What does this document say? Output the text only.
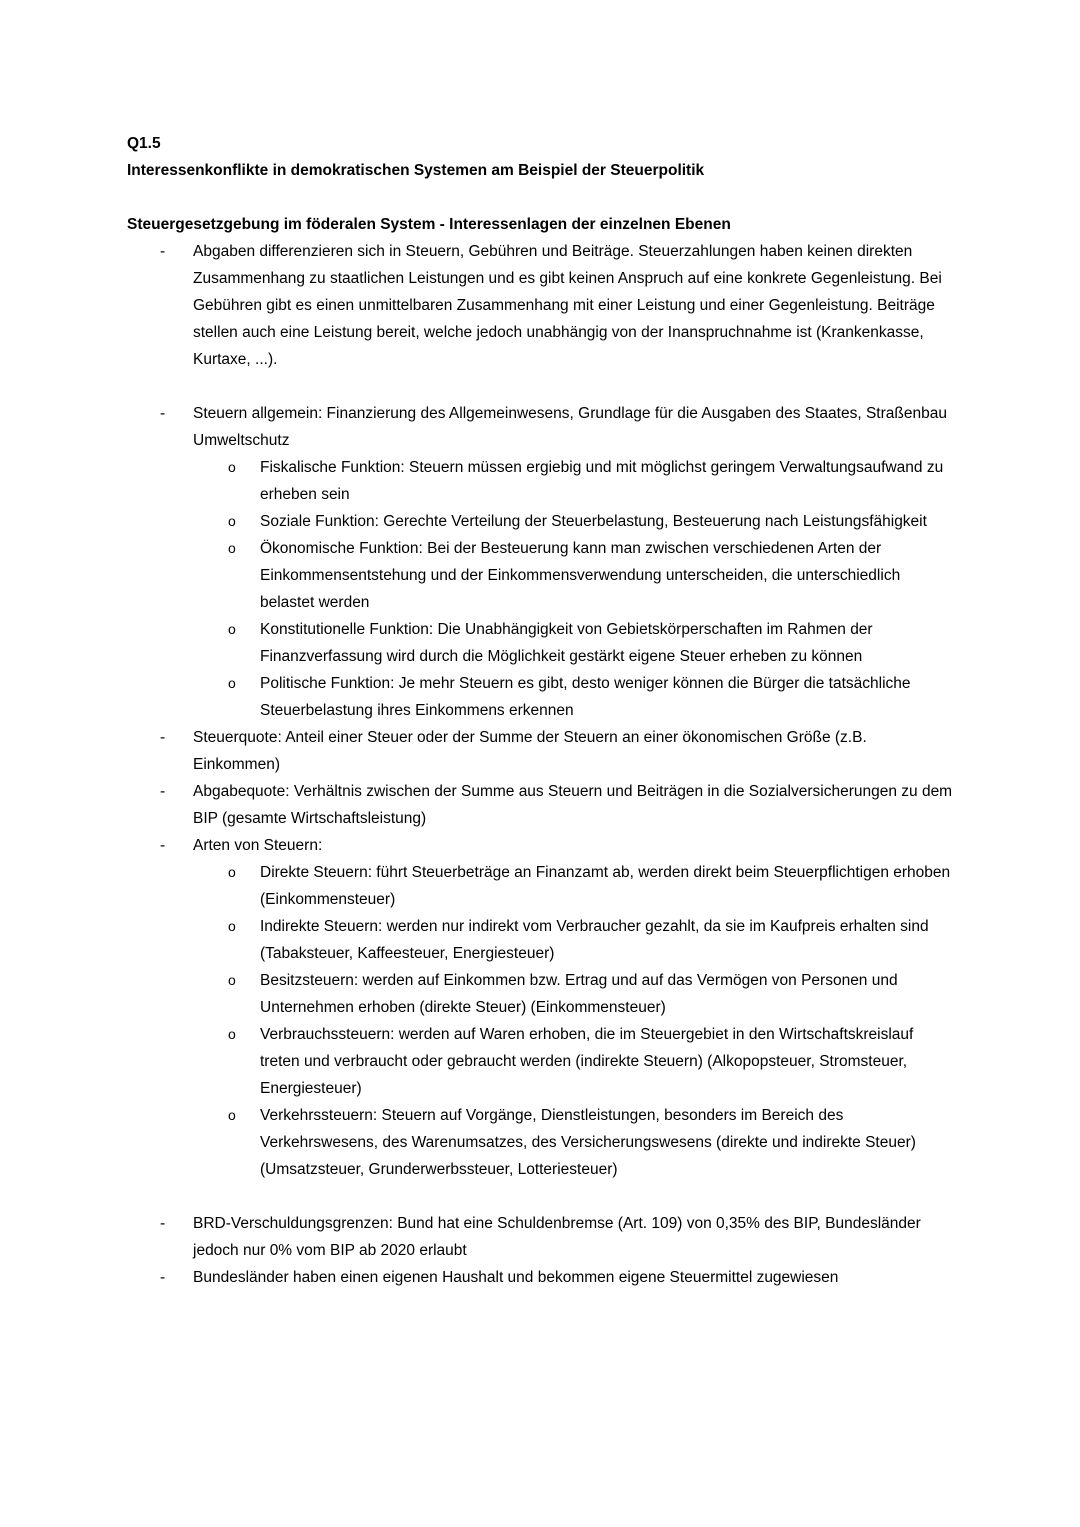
Q1.5
Interessenkonflikte in demokratischen Systemen am Beispiel der Steuerpolitik
Steuergesetzgebung im föderalen System - Interessenlagen der einzelnen Ebenen
-	Abgaben differenzieren sich in Steuern, Gebühren und Beiträge. Steuerzahlungen haben keinen direkten Zusammenhang zu staatlichen Leistungen und es gibt keinen Anspruch auf eine konkrete Gegenleistung. Bei Gebühren gibt es einen unmittelbaren Zusammenhang mit einer Leistung und einer Gegenleistung. Beiträge stellen auch eine Leistung bereit, welche jedoch unabhängig von der Inanspruchnahme ist (Krankenkasse, Kurtaxe, ...).
-	Steuern allgemein: Finanzierung des Allgemeinwesens, Grundlage für die Ausgaben des Staates, Straßenbau Umweltschutz
o	Fiskalische Funktion: Steuern müssen ergiebig und mit möglichst geringem Verwaltungsaufwand zu erheben sein
o	Soziale Funktion: Gerechte Verteilung der Steuerbelastung, Besteuerung nach Leistungsfähigkeit
o	Ökonomische Funktion: Bei der Besteuerung kann man zwischen verschiedenen Arten der Einkommensentstehung und der Einkommensverwendung unterscheiden, die unterschiedlich belastet werden
o	Konstitutionelle Funktion: Die Unabhängigkeit von Gebietskörperschaften im Rahmen der Finanzverfassung wird durch die Möglichkeit gestärkt eigene Steuer erheben zu können
o	Politische Funktion: Je mehr Steuern es gibt, desto weniger können die Bürger die tatsächliche Steuerbelastung ihres Einkommens erkennen
-	Steuerquote: Anteil einer Steuer oder der Summe der Steuern an einer ökonomischen Größe (z.B. Einkommen)
-	Abgabequote: Verhältnis zwischen der Summe aus Steuern und Beiträgen in die Sozialversicherungen zu dem BIP (gesamte Wirtschaftsleistung)
-	Arten von Steuern:
o	Direkte Steuern: führt Steuerbeträge an Finanzamt ab, werden direkt beim Steuerpflichtigen erhoben (Einkommensteuer)
o	Indirekte Steuern: werden nur indirekt vom Verbraucher gezahlt, da sie im Kaufpreis erhalten sind (Tabaksteuer, Kaffeesteuer, Energiesteuer)
o	Besitzsteuern: werden auf Einkommen bzw. Ertrag und auf das Vermögen von Personen und Unternehmen erhoben (direkte Steuer) (Einkommensteuer)
o	Verbrauchssteuern: werden auf Waren erhoben, die im Steuergebiet in den Wirtschaftskreislauf treten und verbraucht oder gebraucht werden (indirekte Steuern) (Alkopopsteuer, Stromsteuer, Energiesteuer)
o	Verkehrssteuern: Steuern auf Vorgänge, Dienstleistungen, besonders im Bereich des Verkehrswesens, des Warenumsatzes, des Versicherungswesens (direkte und indirekte Steuer) (Umsatzsteuer, Grunderwerbssteuer, Lotteriesteuer)
-	BRD-Verschuldungsgrenzen: Bund hat eine Schuldenbremse (Art. 109) von 0,35% des BIP, Bundesländer jedoch nur 0% vom BIP ab 2020 erlaubt
-	Bundesländer haben einen eigenen Haushalt und bekommen eigene Steuermittel zugewiesen
